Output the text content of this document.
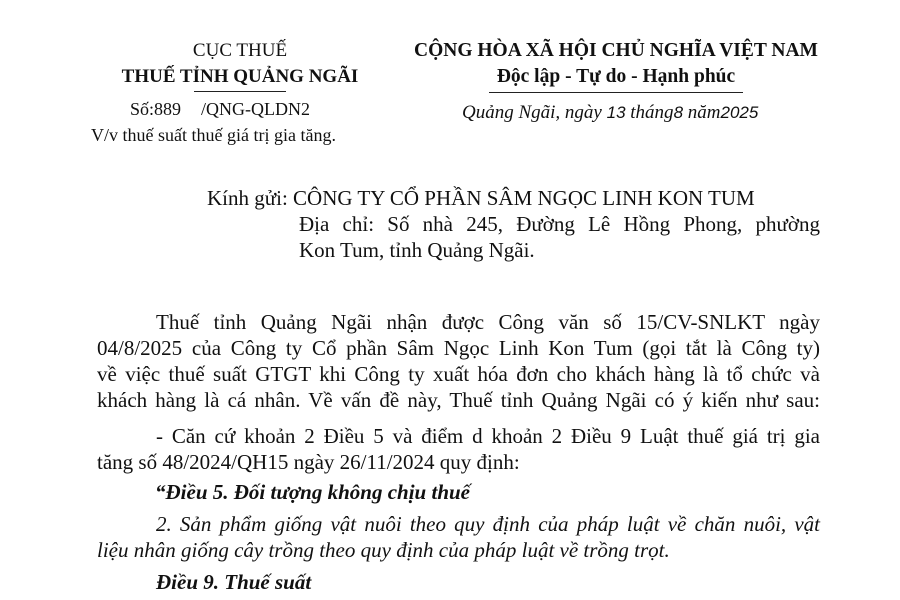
CỤC THUẾ
THUẾ TỈNH QUẢNG NGÃI
Số:889 /QNG-QLDN2
V/v thuế suất thuế giá trị gia tăng.
CỘNG HÒA XÃ HỘI CHỦ NGHĨA VIỆT NAM
Độc lập - Tự do - Hạnh phúc
Quảng Ngãi, ngày 13 tháng8 năm2025
Kính gửi: CÔNG TY CỔ PHẦN SÂM NGỌC LINH KON TUM
Địa chỉ: Số nhà 245, Đường Lê Hồng Phong, phường
Kon Tum, tỉnh Quảng Ngãi.
Thuế tỉnh Quảng Ngãi nhận được Công văn số 15/CV-SNLKT ngày
04/8/2025 của Công ty Cổ phần Sâm Ngọc Linh Kon Tum (gọi tắt là Công ty)
về việc thuế suất GTGT khi Công ty xuất hóa đơn cho khách hàng là tổ chức và
khách hàng là cá nhân. Về vấn đề này, Thuế tỉnh Quảng Ngãi có ý kiến như sau:
- Căn cứ khoản 2 Điều 5 và điểm d khoản 2 Điều 9 Luật thuế giá trị gia
tăng số 48/2024/QH15 ngày 26/11/2024 quy định:
“Điều 5. Đối tượng không chịu thuế
2. Sản phẩm giống vật nuôi theo quy định của pháp luật về chăn nuôi, vật
liệu nhân giống cây trồng theo quy định của pháp luật về trồng trọt.
Điều 9. Thuế suất
